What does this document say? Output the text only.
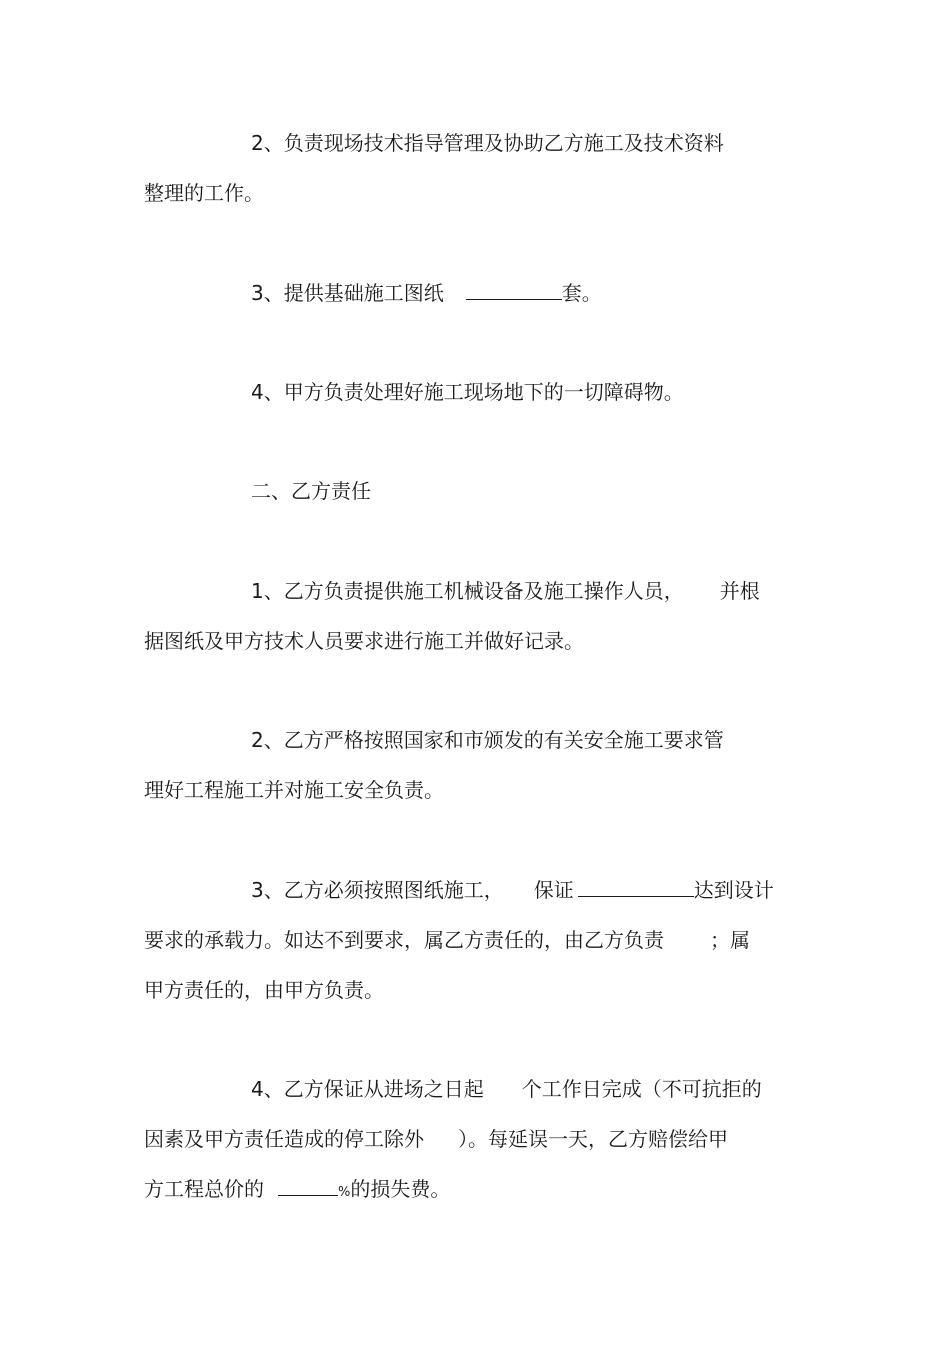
2、负责现场技术指导管理及协助乙方施工及技术资料
整理的工作。
3、提供基础施工图纸	套。
4、甲方负责处理好施工现场地下的一切障碍物。
二、乙方责任
1、乙方负责提供施工机械设备及施工操作人员， 并根
据图纸及甲方技术人员要求进行施工并做好记录。
2、乙方严格按照国家和市颁发的有关安全施工要求管
理好工程施工并对施工安全负责。
3、乙方必须按照图纸施工， 保证	达到设计
要求的承载力。如达不到要求，属乙方责任的，由乙方负责 ；属
甲方责任的，由甲方负责。
4、乙方保证从进场之日起 个工作日完成（不可抗拒的
因素及甲方责任造成的停工除外 ）。每延误一天，乙方赔偿给甲
方工程总价的	%的损失费。
